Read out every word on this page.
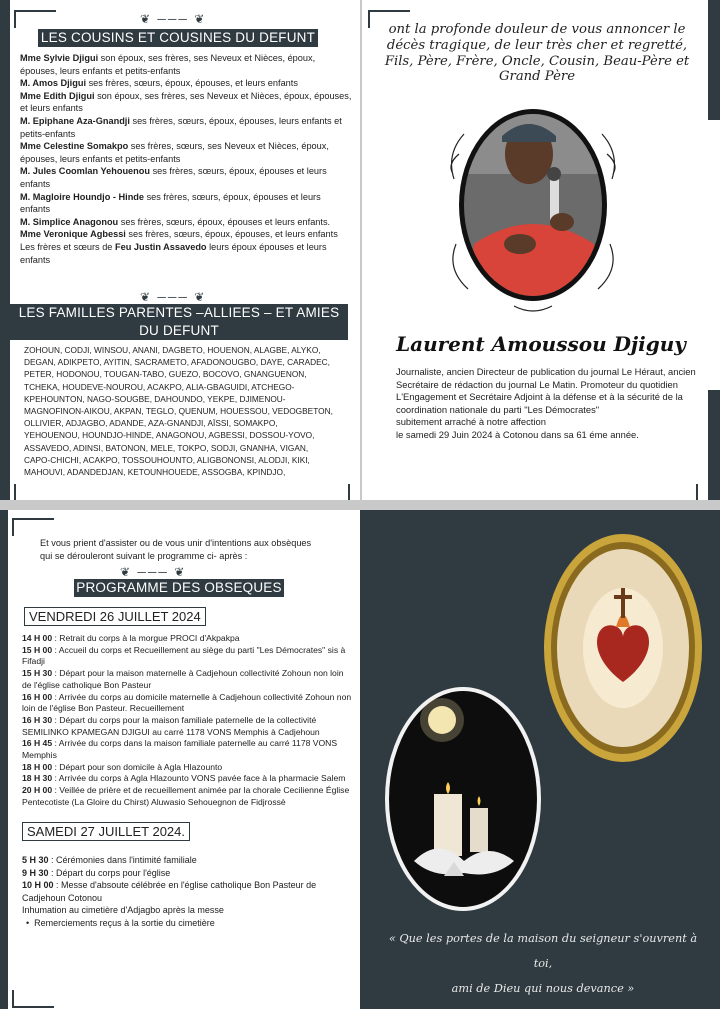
❦ ─── ❦
LES COUSINS ET COUSINES DU DEFUNT
Mme Sylvie Djigui son époux, ses frères, ses Neveux et Nièces, époux, épouses, leurs enfants et petits-enfants
M. Amos Djigui ses frères, sœurs, époux, épouses, et leurs enfants
Mme Edith Djigui son époux, ses frères, ses Neveux et Nièces, époux, épouses, et leurs enfants
M. Epiphane Aza-Gnandji ses frères, sœurs, époux, épouses, leurs enfants et petits-enfants
Mme Celestine Somakpo ses frères, sœurs, ses Neveux et Nièces, époux, épouses, leurs enfants et petits-enfants
M. Jules Coomlan Yehouenou ses frères, sœurs, époux, épouses et leurs enfants
M. Magloire Houndjo - Hinde ses frères, sœurs, époux, épouses et leurs enfants
M. Simplice Anagonou ses frères, sœurs, époux, épouses et leurs enfants.
Mme Veronique Agbessi ses frères, sœurs, époux, épouses, et leurs enfants
Les frères et sœurs de Feu Justin Assavedo leurs époux épouses et leurs enfants
❦ ─── ❦
LES FAMILLES PARENTES –ALLIEES – ET AMIES DU DEFUNT
ZOHOUN, CODJI, WINSOU, ANANI, DAGBETO, HOUENON, ALAGBE, ALYKO, DEGAN, ADIKPETO, AYITIN, SACRAMETO, AFADONOUGBO, DAYE, CARADEC, PETER, HODONOU, TOUGAN-TABO, GUEZO, BOCOVO, GNANGUENON, TCHEKA, HOUDEVE-NOUROU, ACAKPO, ALIA-GBAGUIDI, ATCHEGO-KPEHOUNTON, NAGO-SOUGBE, DAHOUNDO, YEKPE, DJIMENOU-MAGNOFINON-AIKOU, AKPAN, TEGLO, QUENUM, HOUESSOU, VEDOGBETON, OLLIVIER, ADJAGBO, ADANDE, AZA-GNANDJI, AÏSSI, SOMAKPO, YEHOUENOU, HOUNDJO-HINDE, ANAGONOU, AGBESSI, DOSSOU-YOVO, ASSAVEDO, ADINSI, BATONON, MELE, TOKPO, SODJI, GNANHA, VIGAN, CAPO-CHICHI, ACAKPO, TOSSOUHOUNTO, ALIGBONONSI, ALODJI, KIKI, MAHOUVI, ADANDEDJAN, KETOUNHOUEDE, ASSOGBA, KPINDJO,
ont la profonde douleur de vous annoncer le décès tragique, de leur très cher et regretté, Fils, Père, Frère, Oncle, Cousin, Beau-Père et Grand Père
Laurent Amoussou Djiguy
Journaliste, ancien Directeur de publication du journal Le Héraut, ancien Secrétaire de rédaction du journal Le Matin. Promoteur du quotidien L'Engagement et Secrétaire Adjoint à la défense et à la sécurité de la coordination nationale du parti "Les Démocrates"
subitement arraché à notre affection
le samedi 29 Juin 2024 à Cotonou dans sa 61 éme année.
Et vous prient d'assister ou de vous unir d'intentions aux obsèques qui se dérouleront suivant le programme ci- après :
❦ ─── ❦
PROGRAMME DES OBSEQUES
VENDREDI 26 JUILLET 2024
14 H 00 : Retrait du corps à la morgue PROCI d'Akpakpa
15 H 00 : Accueil du corps et Recueillement au siège du parti "Les Démocrates" sis à Fifadji
15 H 30 : Départ pour la maison maternelle à Cadjehoun collectivité Zohoun non loin de l'église catholique Bon Pasteur
16 H 00 : Arrivée du corps au domicile maternelle à Cadjehoun collectivité Zohoun non loin de l'église Bon Pasteur. Recueillement
16 H 30 : Départ du corps pour la maison familiale paternelle de la collectivité SEMILINKO KPAMEGAN DJIGUI au carré 1178 VONS Memphis à Cadjehoun
16 H 45 : Arrivée du corps dans la maison familiale paternelle au carré 1178 VONS Memphis
18 H 00 : Départ pour son domicile à Agla Hlazounto
18 H 30 : Arrivée du corps à Agla Hlazounto VONS pavée face à la pharmacie Salem
20 H 00 : Veillée de prière et de recueillement animée par la chorale Cecilienne Église Pentecotiste (La Gloire du Chirst) Aluwasio Sehouegnon de Fidjrossè
SAMEDI 27 JUILLET 2024.
5 H 30 : Cérémonies dans l'intimité familiale
9 H 30 : Départ du corps pour l'église
10 H 00 : Messe d'absoute célébrée en l'église catholique Bon Pasteur de Cadjehoun Cotonou
Inhumation au cimetière d'Adjagbo après la messe
•  Remerciements reçus à la sortie du cimetière
« Que les portes de la maison du seigneur s'ouvrent à toi,
ami de Dieu qui nous devance »
